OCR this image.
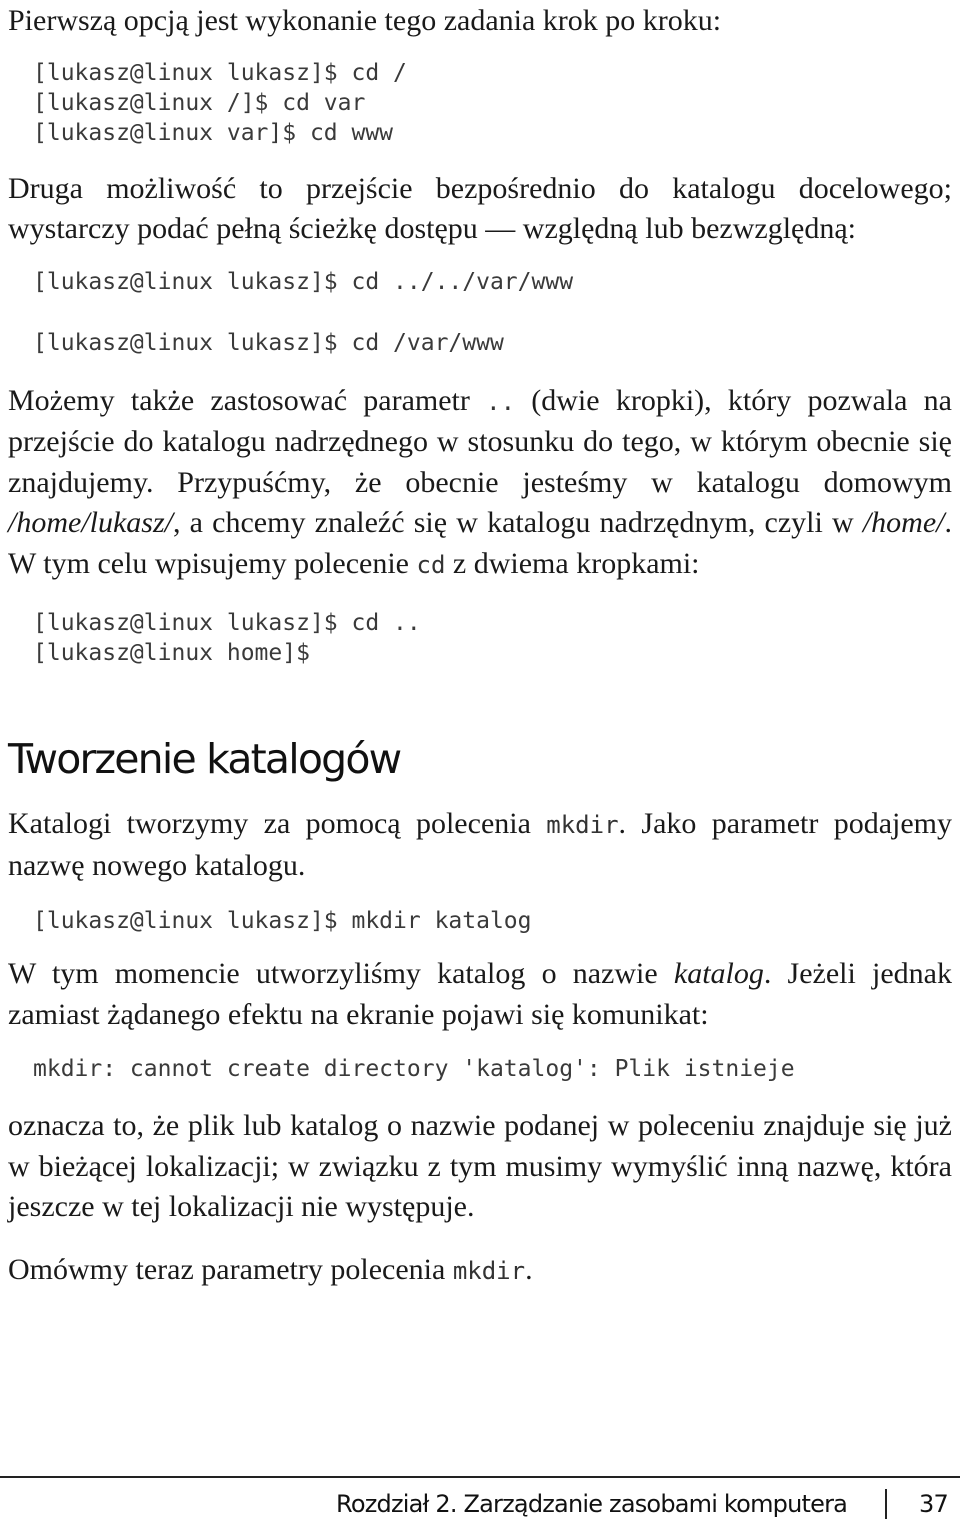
Pierwszą opcją jest wykonanie tego zadania krok po kroku:

[lukasz@linux lukasz]$ cd /
[lukasz@linux /]$ cd var
[lukasz@linux var]$ cd www

Druga możliwość to przejście bezpośrednio do katalogu docelowego; wystarczy podać pełną ścieżkę dostępu — względną lub bezwzględną:

[lukasz@linux lukasz]$ cd ../../var/www
[lukasz@linux lukasz]$ cd /var/www

Możemy także zastosować parametr .. (dwie kropki), który pozwala na przejście do katalogu nadrzędnego w stosunku do tego, w którym obecnie się znajdujemy. Przypuśćmy, że obecnie jesteśmy w katalogu domowym /home/lukasz/, a chcemy znaleźć się w katalogu nadrzędnym, czyli w /home/. W tym celu wpisujemy polecenie cd z dwiema kropkami:

[lukasz@linux lukasz]$ cd ..
[lukasz@linux home]$
Tworzenie katalogów

Katalogi tworzymy za pomocą polecenia mkdir. Jako parametr podajemy nazwę nowego katalogu.

[lukasz@linux lukasz]$ mkdir katalog

W tym momencie utworzyliśmy katalog o nazwie katalog. Jeżeli jednak zamiast żądanego efektu na ekranie pojawi się komunikat:

mkdir: cannot create directory 'katalog': Plik istnieje

oznacza to, że plik lub katalog o nazwie podanej w poleceniu znajduje się już w bieżącej lokalizacji; w związku z tym musimy wymyślić inną nazwę, która jeszcze w tej lokalizacji nie występuje.

Omówmy teraz parametry polecenia mkdir.

Rozdział 2. Zarządzanie zasobami komputera	37
